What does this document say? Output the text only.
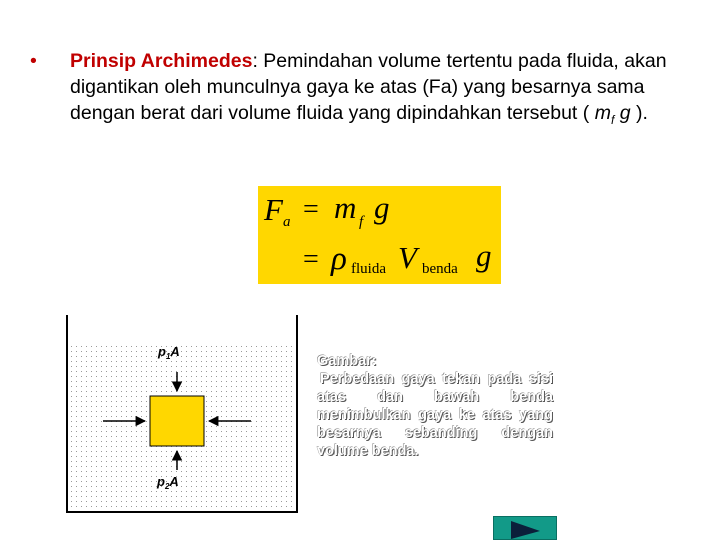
• Prinsip Archimedes: Pemindahan volume tertentu pada fluida, akan digantikan oleh munculnya gaya ke atas (Fa) yang besarnya sama dengan berat dari volume fluida yang dipindahkan tersebut ( $m_f$ g ).
F a = m f g
= ρ fluida V benda g
$p_1A$
$p_2A$
Gambar:
Perbedaan gaya tekan pada sisi atas dan bawah benda menimbulkan gaya ke atas yang besarnya sebanding dengan volume benda.
